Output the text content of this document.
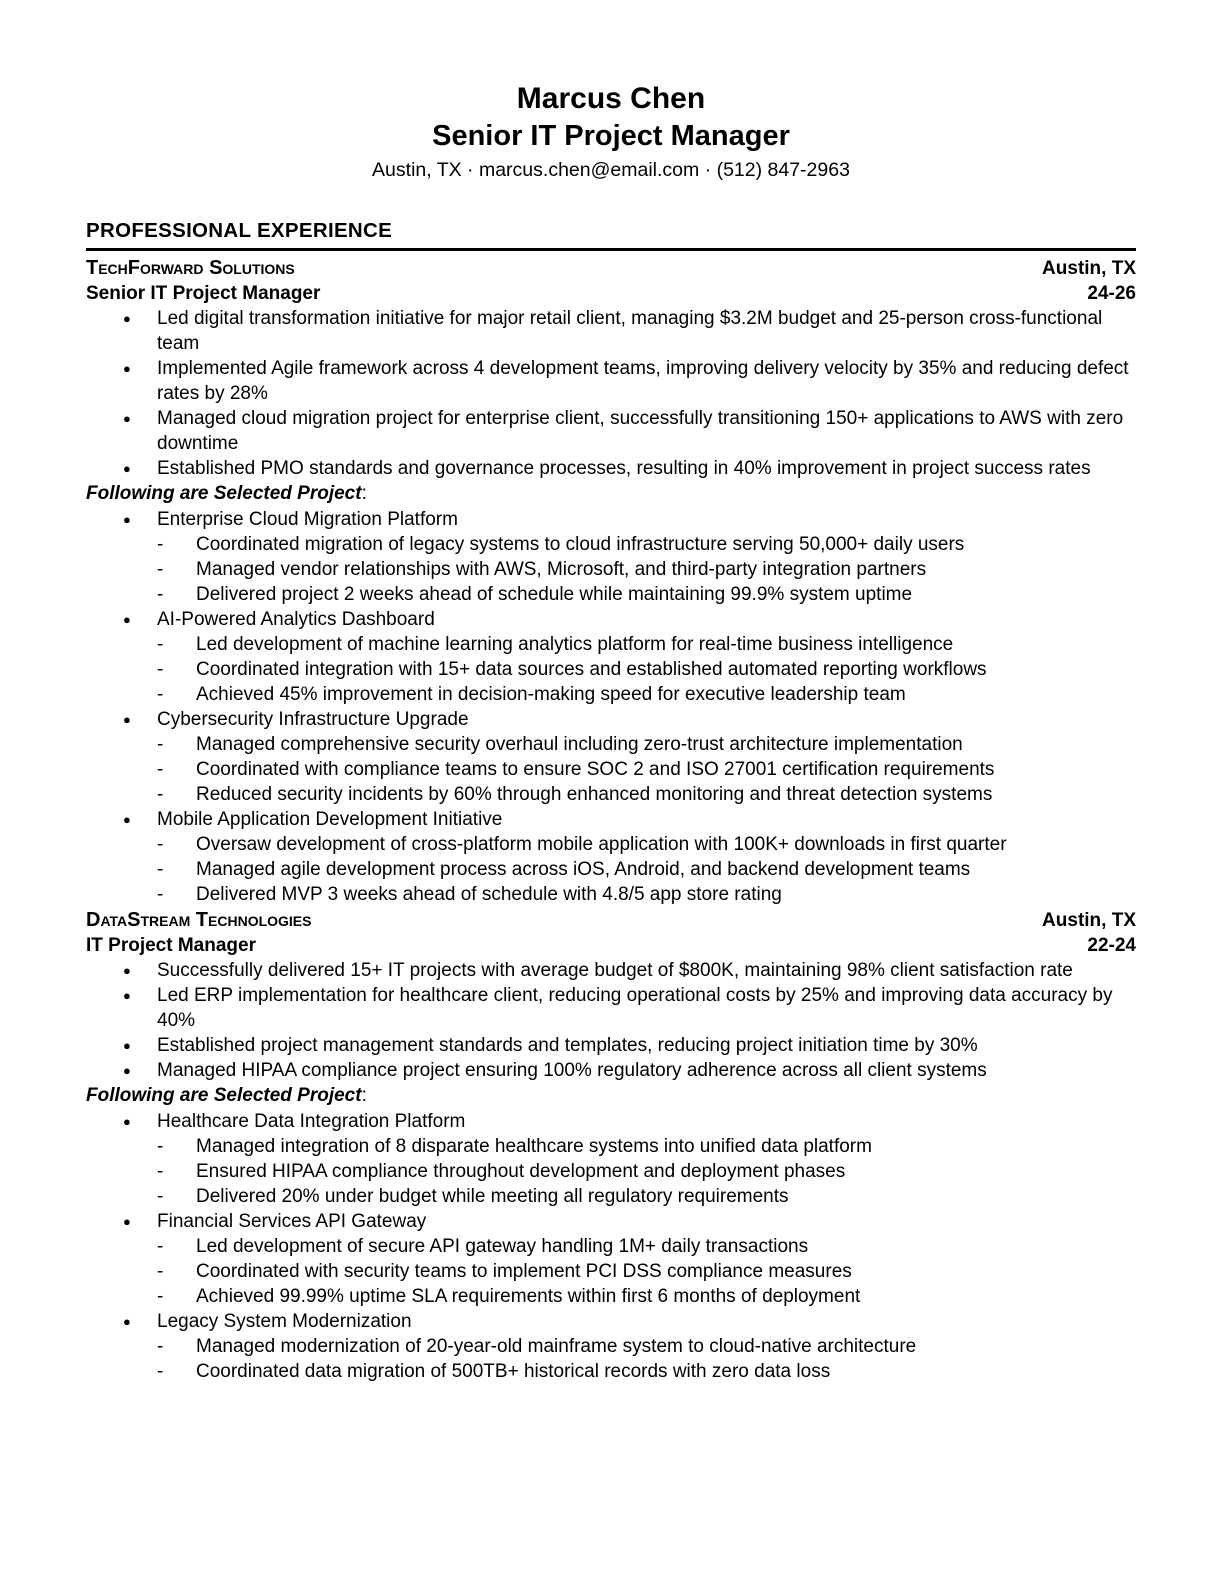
Marcus Chen
Senior IT Project Manager
Austin, TX · marcus.chen@email.com · (512) 847-2963
PROFESSIONAL EXPERIENCE
TechForward Solutions	Austin, TX
Senior IT Project Manager	24-26
●	Led digital transformation initiative for major retail client, managing $3.2M budget and 25-person cross-functional team
●	Implemented Agile framework across 4 development teams, improving delivery velocity by 35% and reducing defect rates by 28%
●	Managed cloud migration project for enterprise client, successfully transitioning 150+ applications to AWS with zero downtime
●	Established PMO standards and governance processes, resulting in 40% improvement in project success rates
Following are Selected Project:
●	Enterprise Cloud Migration Platform
-	Coordinated migration of legacy systems to cloud infrastructure serving 50,000+ daily users
-	Managed vendor relationships with AWS, Microsoft, and third-party integration partners
-	Delivered project 2 weeks ahead of schedule while maintaining 99.9% system uptime
●	AI-Powered Analytics Dashboard
-	Led development of machine learning analytics platform for real-time business intelligence
-	Coordinated integration with 15+ data sources and established automated reporting workflows
-	Achieved 45% improvement in decision-making speed for executive leadership team
●	Cybersecurity Infrastructure Upgrade
-	Managed comprehensive security overhaul including zero-trust architecture implementation
-	Coordinated with compliance teams to ensure SOC 2 and ISO 27001 certification requirements
-	Reduced security incidents by 60% through enhanced monitoring and threat detection systems
●	Mobile Application Development Initiative
-	Oversaw development of cross-platform mobile application with 100K+ downloads in first quarter
-	Managed agile development process across iOS, Android, and backend development teams
-	Delivered MVP 3 weeks ahead of schedule with 4.8/5 app store rating
DataStream Technologies	Austin, TX
IT Project Manager	22-24
●	Successfully delivered 15+ IT projects with average budget of $800K, maintaining 98% client satisfaction rate
●	Led ERP implementation for healthcare client, reducing operational costs by 25% and improving data accuracy by 40%
●	Established project management standards and templates, reducing project initiation time by 30%
●	Managed HIPAA compliance project ensuring 100% regulatory adherence across all client systems
Following are Selected Project:
●	Healthcare Data Integration Platform
-	Managed integration of 8 disparate healthcare systems into unified data platform
-	Ensured HIPAA compliance throughout development and deployment phases
-	Delivered 20% under budget while meeting all regulatory requirements
●	Financial Services API Gateway
-	Led development of secure API gateway handling 1M+ daily transactions
-	Coordinated with security teams to implement PCI DSS compliance measures
-	Achieved 99.99% uptime SLA requirements within first 6 months of deployment
●	Legacy System Modernization
-	Managed modernization of 20-year-old mainframe system to cloud-native architecture
-	Coordinated data migration of 500TB+ historical records with zero data loss
